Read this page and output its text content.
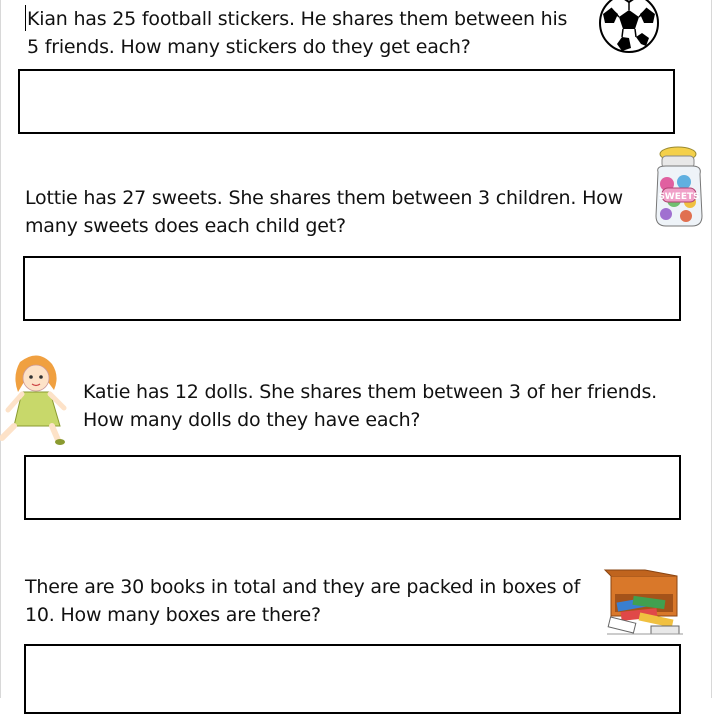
Kian has 25 football stickers. He shares them between his
5 friends. How many stickers do they get each?
Lottie has 27 sweets. She shares them between 3 children. How
many sweets does each child get?
SWEETS
Katie has 12 dolls. She shares them between 3 of her friends.
How many dolls do they have each?
There are 30 books in total and they are packed in boxes of
10. How many boxes are there?
